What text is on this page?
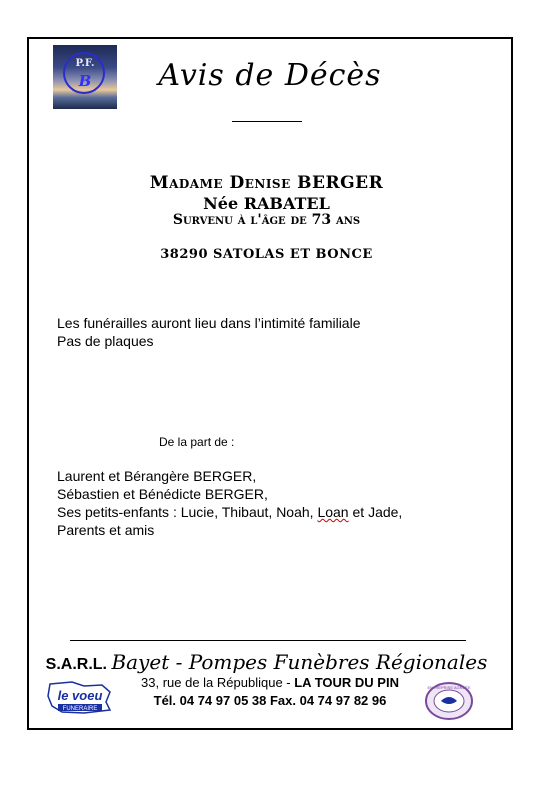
P.F.
B	Avis de Décès
Madame Denise BERGER
Née RABATEL
Survenu à l'âge de 73 ans
38290 SATOLAS ET BONCE
Les funérailles auront lieu dans l’intimité familiale
Pas de plaques
De la part de :
Laurent et Bérangère BERGER,
Sébastien et Bénédicte BERGER,
Ses petits-enfants : Lucie, Thibaut, Noah, Loan et Jade,
Parents et amis
S.A.R.L. Bayet - Pompes Funèbres Régionales
le voeu
FUNERAIRE
33, rue de la République - LA TOUR DU PIN
Tél. 04 74 97 05 38 Fax. 04 74 97 82 96
ENTREPRISE AGRÉÉE
